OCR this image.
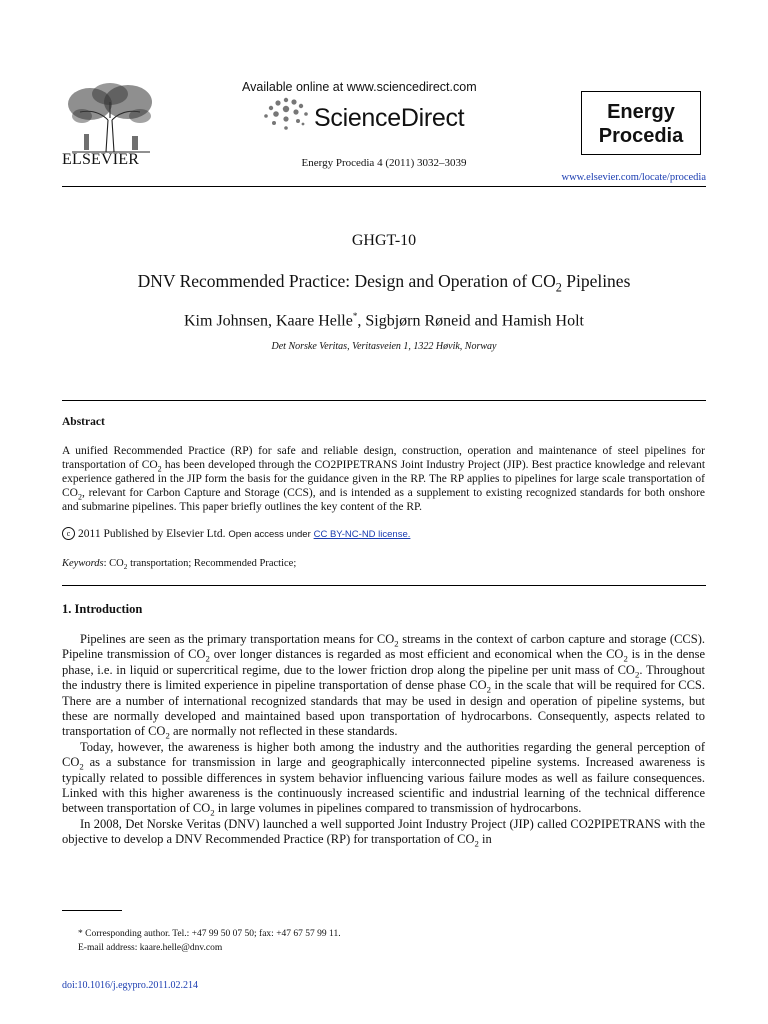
ELSEVIER
Available online at www.sciencedirect.com
ScienceDirect
Energy Procedia 4 (2011) 3032–3039
Energy
Procedia
www.elsevier.com/locate/procedia
GHGT-10
DNV Recommended Practice: Design and Operation of $CO_2$ Pipelines
Kim Johnsen, Kaare Helle*, Sigbjørn Røneid and Hamish Holt
Det Norske Veritas, Veritasveien 1, 1322 Høvik, Norway
Abstract
A unified Recommended Practice (RP) for safe and reliable design, construction, operation and maintenance of steel pipelines for transportation of $CO_2$ has been developed through the CO2PIPETRANS Joint Industry Project (JIP). Best practice knowledge and relevant experience gathered in the JIP form the basis for the guidance given in the RP. The RP applies to pipelines for large scale transportation of $CO_2$, relevant for Carbon Capture and Storage (CCS), and is intended as a supplement to existing recognized standards for both onshore and submarine pipelines. This paper briefly outlines the key content of the RP.
c 2011 Published by Elsevier Ltd. Open access under CC BY-NC-ND license.
Keywords: $CO_2$ transportation; Recommended Practice;
1. Introduction

Pipelines are seen as the primary transportation means for $CO_2$ streams in the context of carbon capture and storage (CCS). Pipeline transmission of $CO_2$ over longer distances is regarded as most efficient and economical when the $CO_2$ is in the dense phase, i.e. in liquid or supercritical regime, due to the lower friction drop along the pipeline per unit mass of $CO_2$. Throughout the industry there is limited experience in pipeline transportation of dense phase $CO_2$ in the scale that will be required for CCS. There are a number of international recognized standards that may be used in design and operation of pipeline systems, but these are normally developed and maintained based upon transportation of hydrocarbons. Consequently, aspects related to transportation of $CO_2$ are normally not reflected in these standards.

Today, however, the awareness is higher both among the industry and the authorities regarding the general perception of $CO_2$ as a substance for transmission in large and geographically interconnected pipeline systems. Increased awareness is typically related to possible differences in system behavior influencing various failure modes as well as failure consequences. Linked with this higher awareness is the continuously increased scientific and industrial learning of the technical difference between transportation of $CO_2$ in large volumes in pipelines compared to transmission of hydrocarbons.

In 2008, Det Norske Veritas (DNV) launched a well supported Joint Industry Project (JIP) called CO2PIPETRANS with the objective to develop a DNV Recommended Practice (RP) for transportation of $CO_2$ in

* Corresponding author. Tel.: +47 99 50 07 50; fax: +47 67 57 99 11.
E-mail address: kaare.helle@dnv.com
doi:10.1016/j.egypro.2011.02.214
